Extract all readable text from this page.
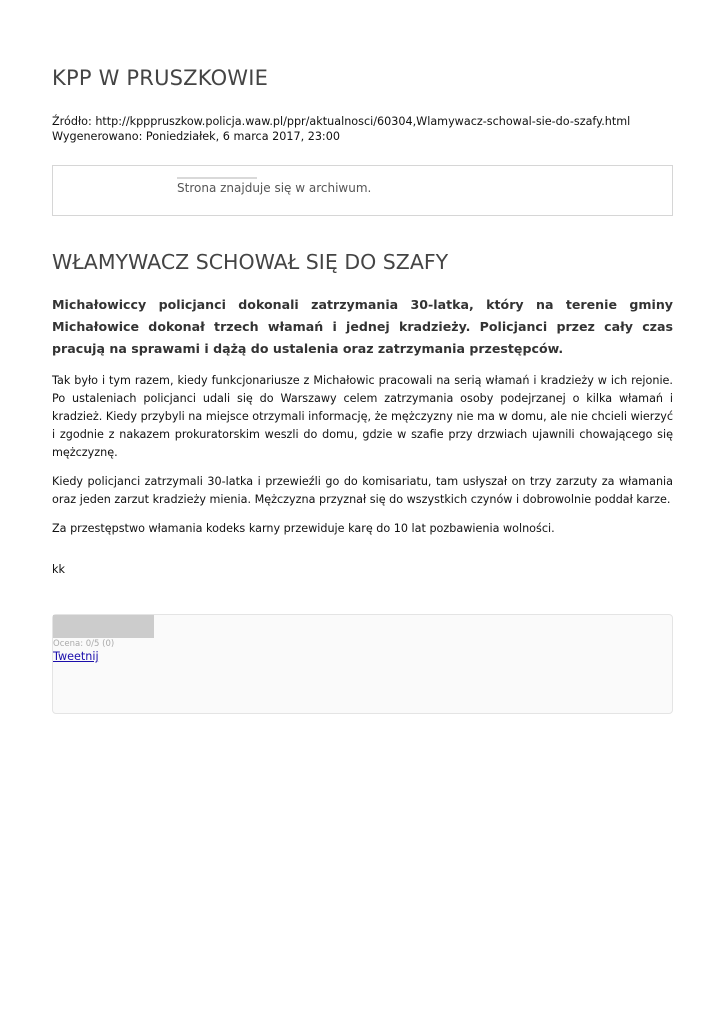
KPP W PRUSZKOWIE
Źródło: http://kpppruszkow.policja.waw.pl/ppr/aktualnosci/60304,Wlamywacz-schowal-sie-do-szafy.html
Wygenerowano: Poniedziałek, 6 marca 2017, 23:00
Strona znajduje się w archiwum.
WŁAMYWACZ SCHOWAŁ SIĘ DO SZAFY

Michałowiccy policjanci dokonali zatrzymania 30-latka, który na terenie gminy Michałowice dokonał trzech włamań i jednej kradzieży. Policjanci przez cały czas pracują na sprawami i dążą do ustalenia oraz zatrzymania przestępców.

Tak było i tym razem, kiedy funkcjonariusze z Michałowic pracowali na serią włamań i kradzieży w ich rejonie. Po ustaleniach policjanci udali się do Warszawy celem zatrzymania osoby podejrzanej o kilka włamań i kradzież. Kiedy przybyli na miejsce otrzymali informację, że mężczyzny nie ma w domu, ale nie chcieli wierzyć i zgodnie z nakazem prokuratorskim weszli do domu, gdzie w szafie przy drzwiach ujawnili chowającego się mężczyznę.

Kiedy policjanci zatrzymali 30-latka i przewieźli go do komisariatu, tam usłyszał on trzy zarzuty za włamania oraz jeden zarzut kradzieży mienia. Mężczyzna przyznał się do wszystkich czynów i dobrowolnie poddał karze.

Za przestępstwo włamania kodeks karny przewiduje karę do 10 lat pozbawienia wolności.

kk
Ocena: 0/5 (0)
Tweetnij
